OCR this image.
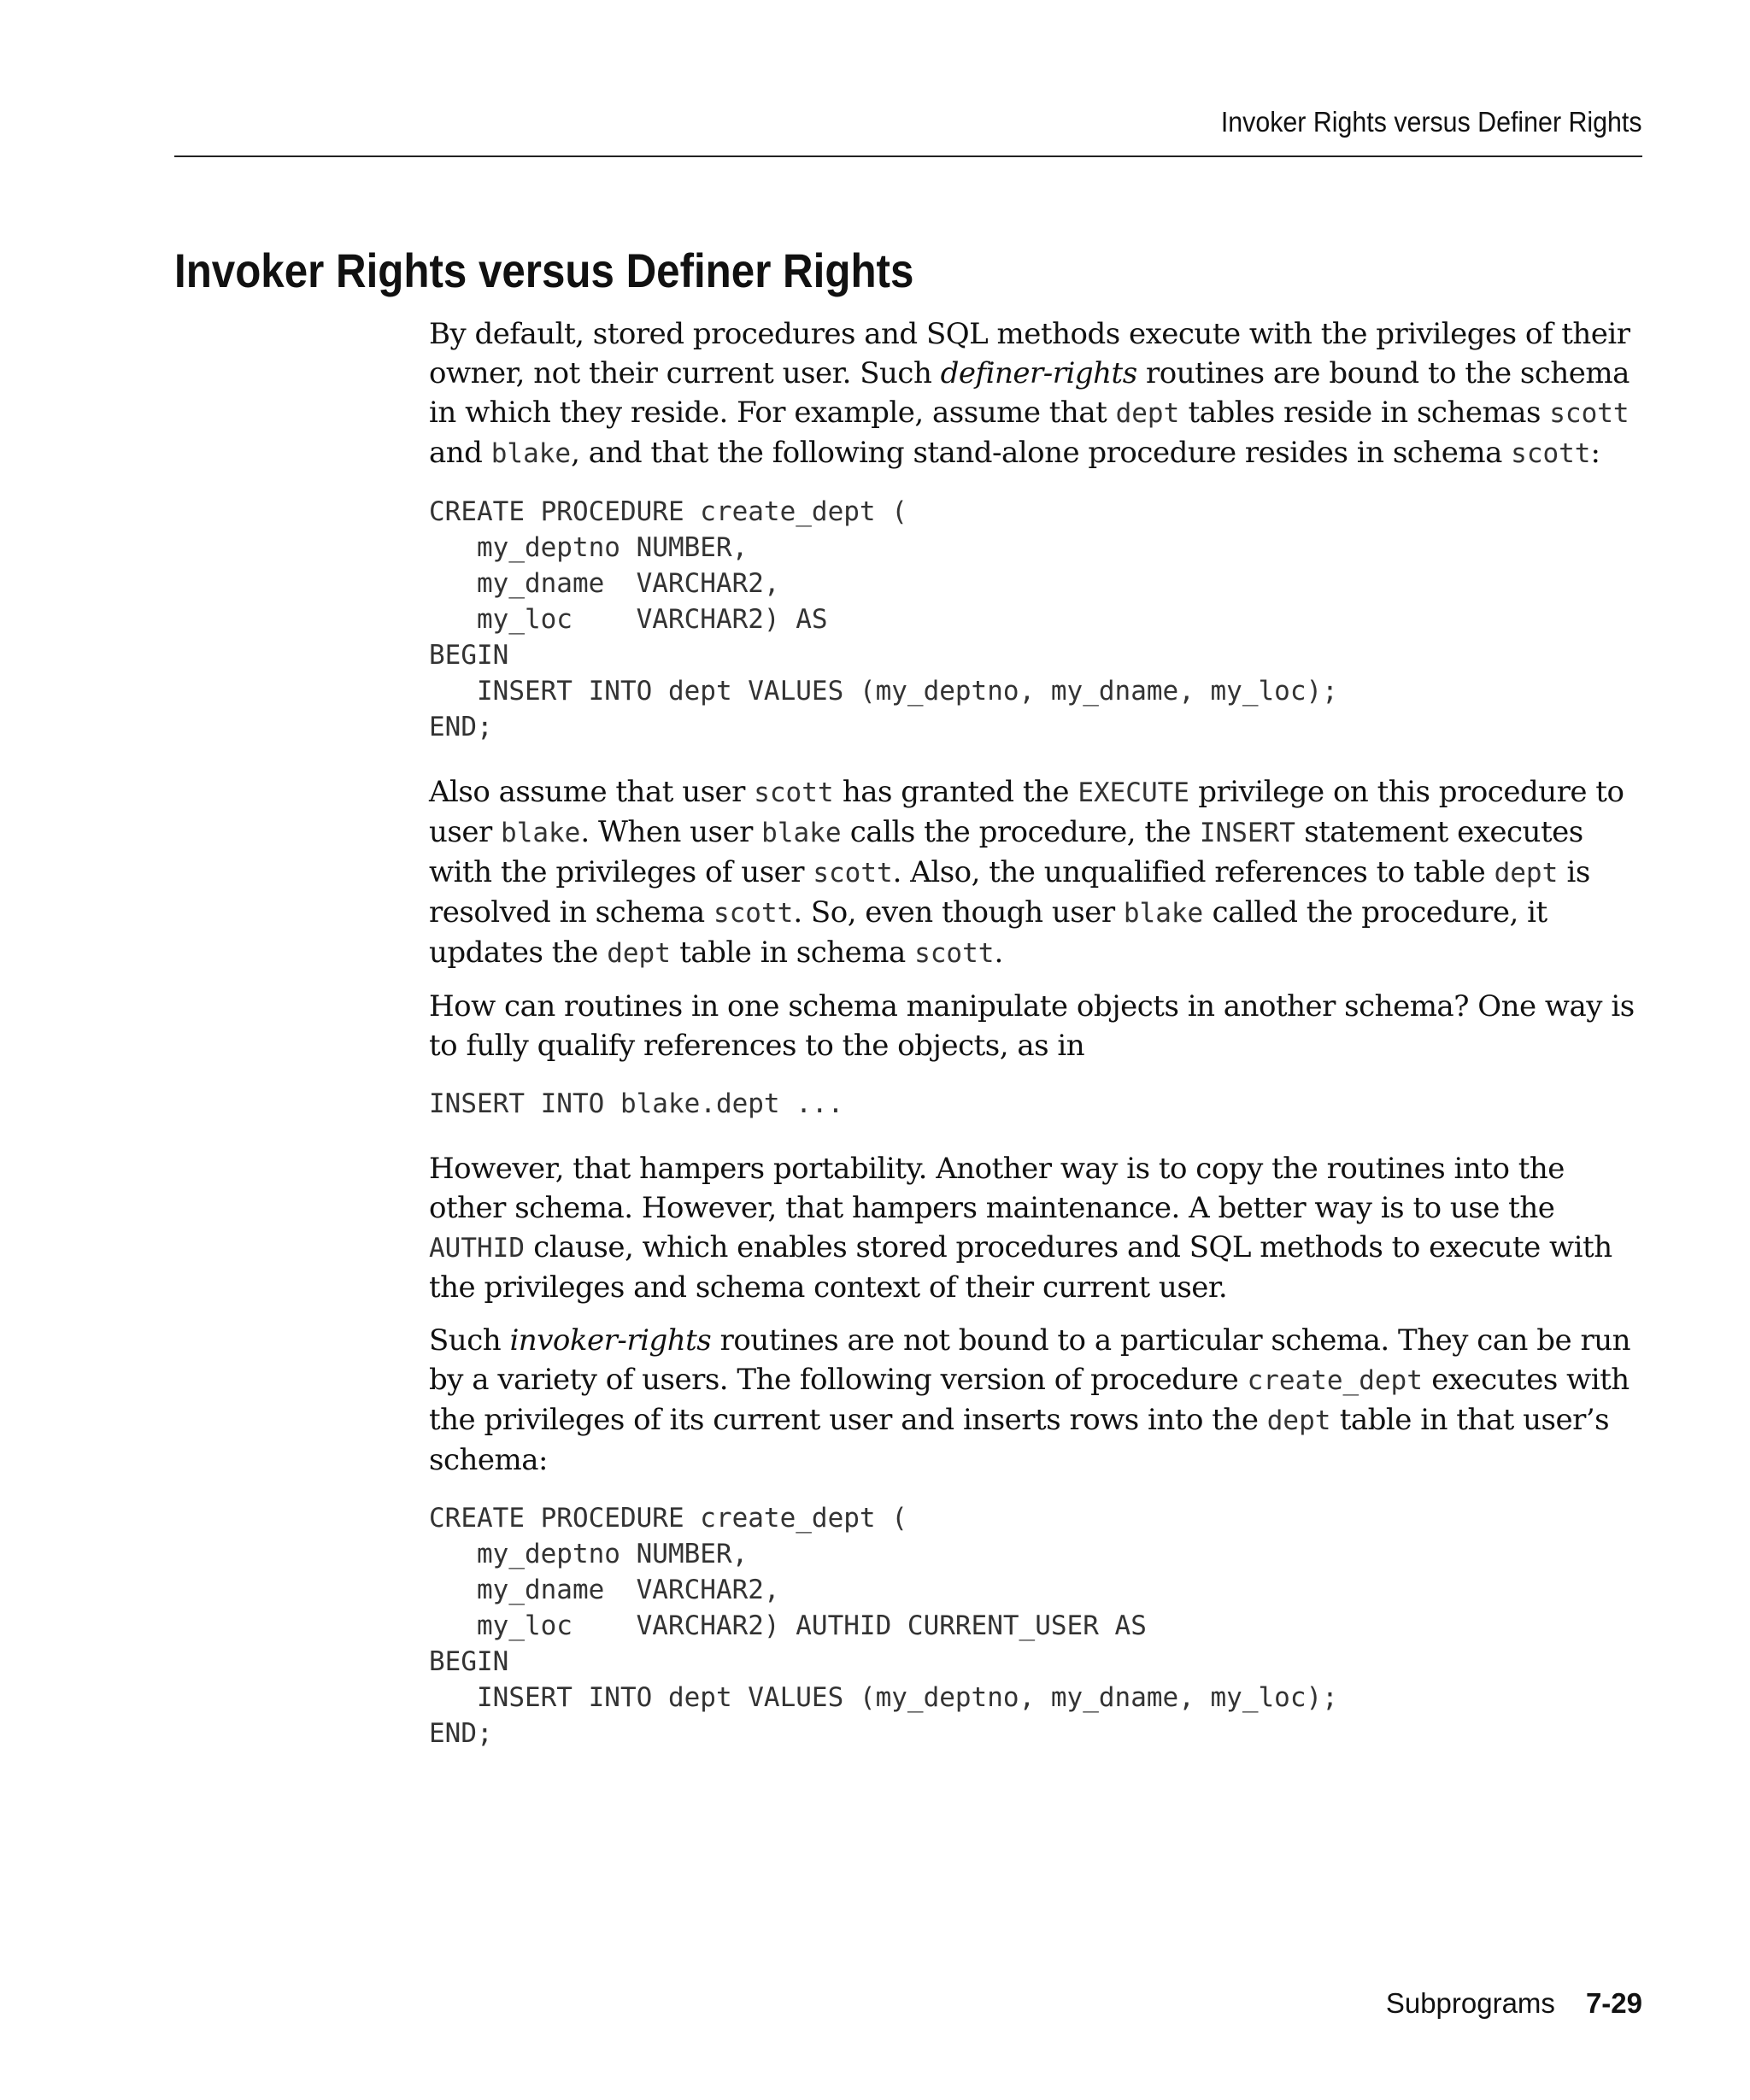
Invoker Rights versus Definer Rights
Invoker Rights versus Definer Rights

By default, stored procedures and SQL methods execute with the privileges of their owner, not their current user. Such definer-rights routines are bound to the schema in which they reside. For example, assume that dept tables reside in schemas scott and blake, and that the following stand-alone procedure resides in schema scott:

CREATE PROCEDURE create_dept (
my_deptno NUMBER,
my_dname  VARCHAR2,
my_loc    VARCHAR2) AS
BEGIN
INSERT INTO dept VALUES (my_deptno, my_dname, my_loc);
END;

Also assume that user scott has granted the EXECUTE privilege on this procedure to user blake. When user blake calls the procedure, the INSERT statement executes with the privileges of user scott. Also, the unqualified references to table dept is resolved in schema scott. So, even though user blake called the procedure, it updates the dept table in schema scott.

How can routines in one schema manipulate objects in another schema? One way is to fully qualify references to the objects, as in

INSERT INTO blake.dept ...

However, that hampers portability. Another way is to copy the routines into the other schema. However, that hampers maintenance. A better way is to use the AUTHID clause, which enables stored procedures and SQL methods to execute with the privileges and schema context of their current user.

Such invoker-rights routines are not bound to a particular schema. They can be run by a variety of users. The following version of procedure create_dept executes with the privileges of its current user and inserts rows into the dept table in that user’s schema:

CREATE PROCEDURE create_dept (
my_deptno NUMBER,
my_dname  VARCHAR2,
my_loc    VARCHAR2) AUTHID CURRENT_USER AS
BEGIN
INSERT INTO dept VALUES (my_deptno, my_dname, my_loc);
END;
Subprograms 7-29
